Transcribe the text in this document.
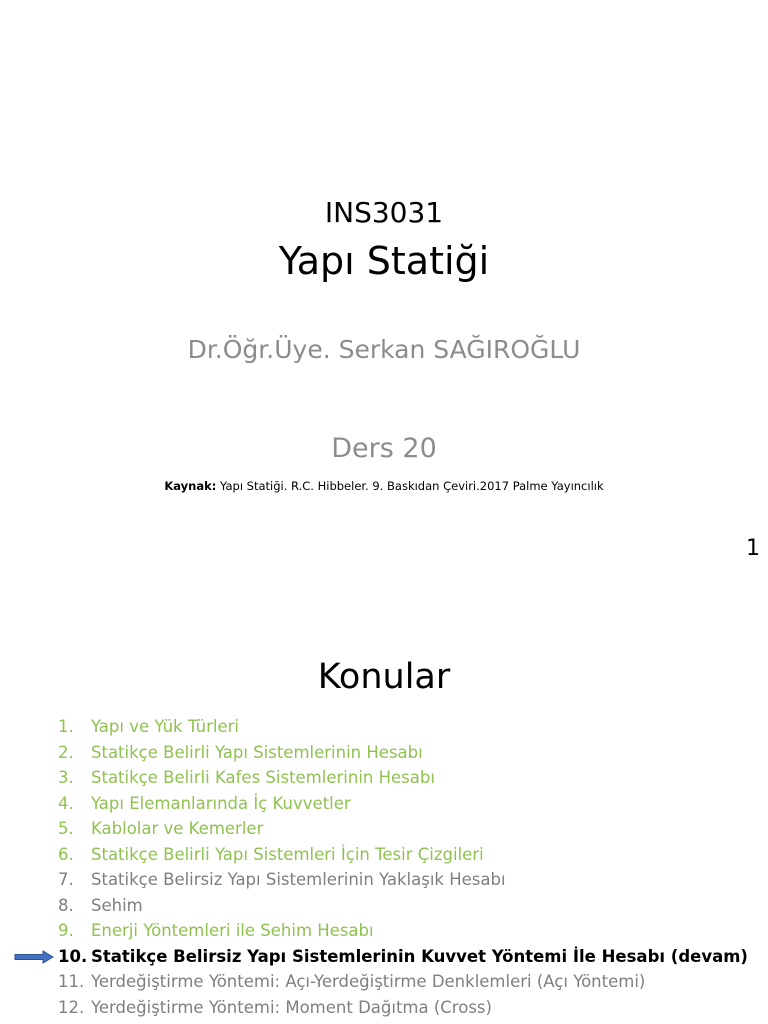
INS3031
Yapı Statiği
Dr.Öğr.Üye. Serkan SAĞIROĞLU
Ders 20
Kaynak: Yapı Statiği. R.C. Hibbeler. 9. Baskıdan Çeviri.2017 Palme Yayıncılık
1
Konular
1. Yapı ve Yük Türleri
2. Statikçe Belirli Yapı Sistemlerinin Hesabı
3. Statikçe Belirli Kafes Sistemlerinin Hesabı
4. Yapı Elemanlarında İç Kuvvetler
5. Kablolar ve Kemerler
6. Statikçe Belirli Yapı Sistemleri İçin Tesir Çizgileri
7. Statikçe Belirsiz Yapı Sistemlerinin Yaklaşık Hesabı
8. Sehim
9. Enerji Yöntemleri ile Sehim Hesabı
10. Statikçe Belirsiz Yapı Sistemlerinin Kuvvet Yöntemi İle Hesabı (devam)
11. Yerdeğiştirme Yöntemi: Açı-Yerdeğiştirme Denklemleri (Açı Yöntemi)
12. Yerdeğiştirme Yöntemi: Moment Dağıtma (Cross)
